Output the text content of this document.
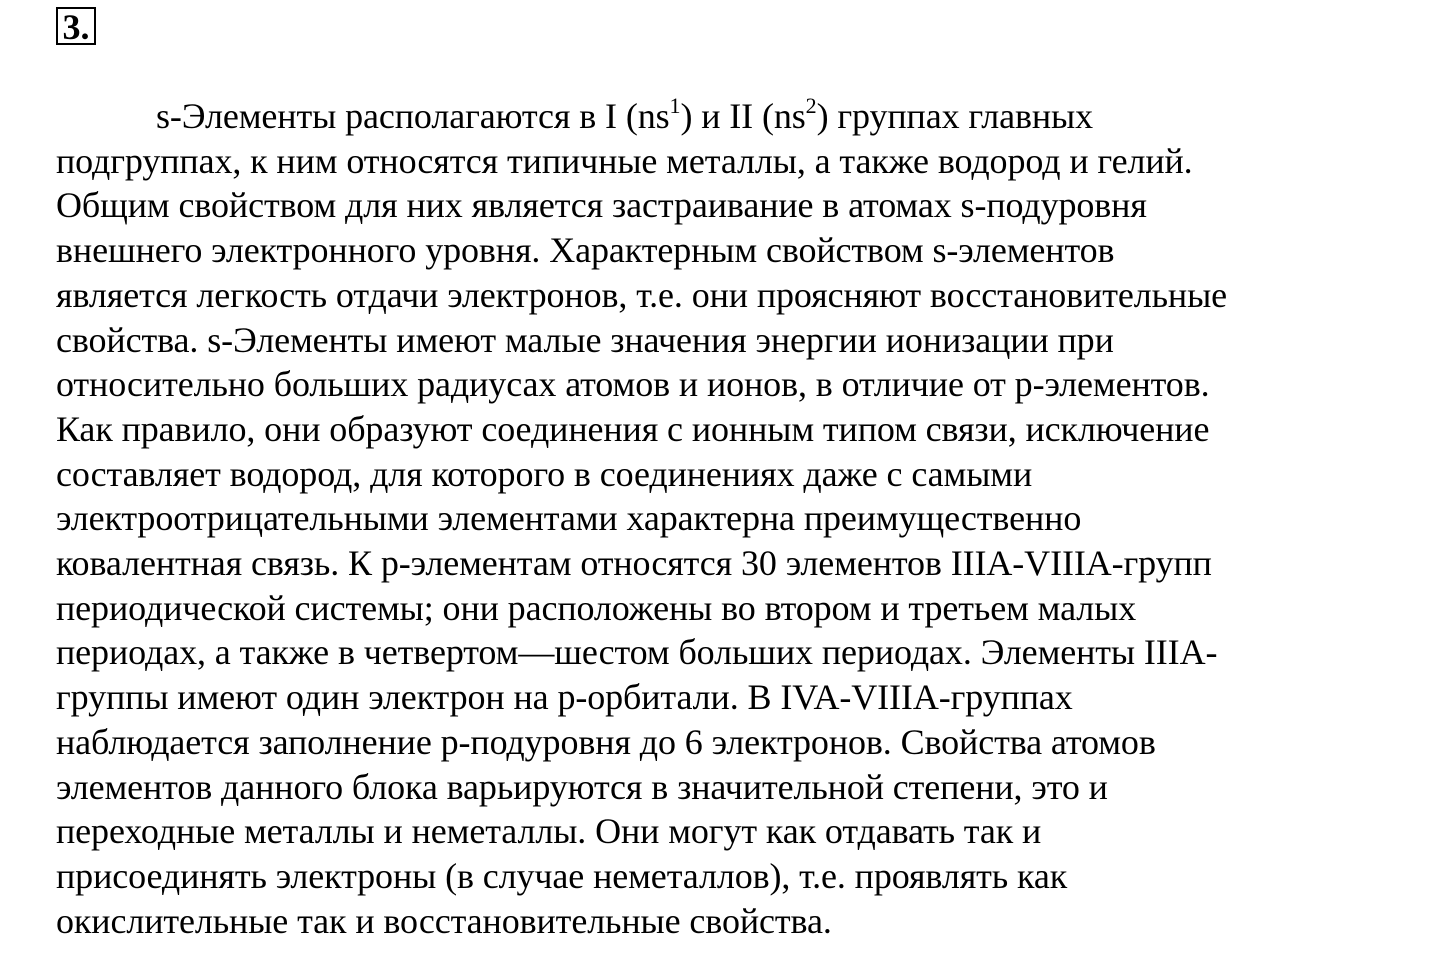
3.
s-Элементы располагаются в I $(ns^1)$ и II $(ns^2)$ группах главных
подгруппах, к ним относятся типичные металлы, а также водород и гелий.
Общим свойством для них является застраивание в атомах s-подуровня
внешнего электронного уровня. Характерным свойством s-элементов
является легкость отдачи электронов, т.е. они проясняют восстановительные
свойства. s-Элементы имеют малые значения энергии ионизации при
относительно больших радиусах атомов и ионов, в отличие от p-элементов.
Как правило, они образуют соединения с ионным типом связи, исключение
составляет водород, для которого в соединениях даже с самыми
электроотрицательными элементами характерна преимущественно
ковалентная связь. К p-элементам относятся 30 элементов IIIA-VIIIA-групп
периодической системы; они расположены во втором и третьем малых
периодах, а также в четвертом—шестом больших периодах. Элементы IIIA-
группы имеют один электрон на p-орбитали. В IVA-VIIIA-группах
наблюдается заполнение p-подуровня до 6 электронов. Свойства атомов
элементов данного блока варьируются в значительной степени, это и
переходные металлы и неметаллы. Они могут как отдавать так и
присоединять электроны (в случае неметаллов), т.е. проявлять как
окислительные так и восстановительные свойства.
